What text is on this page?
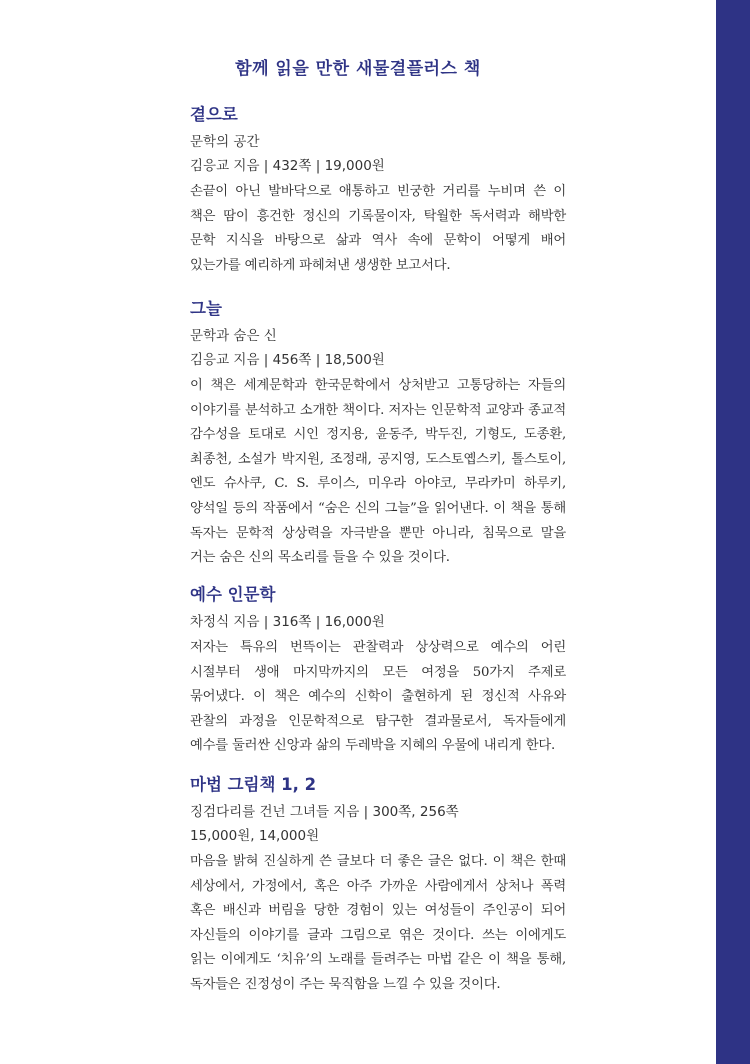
함께 읽을 만한 새물결플러스 책
곁으로

문학의 공간

김응교 지음 | 432쪽 | 19,000원

손끝이 아닌 발바닥으로 애통하고 빈궁한 거리를 누비며 쓴 이 책은 땀이 흥건한 정신의 기록물이자, 탁월한 독서력과 해박한 문학 지식을 바탕으로 삶과 역사 속에 문학이 어떻게 배어 있는가를 예리하게 파헤쳐낸 생생한 보고서다.

그늘

문학과 숨은 신

김응교 지음 | 456쪽 | 18,500원

이 책은 세계문학과 한국문학에서 상처받고 고통당하는 자들의 이야기를 분석하고 소개한 책이다. 저자는 인문학적 교양과 종교적 감수성을 토대로 시인 정지용, 윤동주, 박두진, 기형도, 도종환, 최종천, 소설가 박지원, 조정래, 공지영, 도스토옙스키, 톨스토이, 엔도 슈사쿠, C. S. 루이스, 미우라 아야코, 무라카미 하루키, 양석일 등의 작품에서 “숨은 신의 그늘”을 읽어낸다. 이 책을 통해 독자는 문학적 상상력을 자극받을 뿐만 아니라, 침묵으로 말을 거는 숨은 신의 목소리를 들을 수 있을 것이다.

예수 인문학

차정식 지음 | 316쪽 | 16,000원

저자는 특유의 번뜩이는 관찰력과 상상력으로 예수의 어린 시절부터 생애 마지막까지의 모든 여정을 50가지 주제로 묶어냈다. 이 책은 예수의 신학이 출현하게 된 정신적 사유와 관찰의 과정을 인문학적으로 탐구한 결과물로서, 독자들에게 예수를 둘러싼 신앙과 삶의 두레박을 지혜의 우물에 내리게 한다.

마법 그림책 1, 2

징검다리를 건넌 그녀들 지음 | 300쪽, 256쪽

15,000원, 14,000원

마음을 밝혀 진실하게 쓴 글보다 더 좋은 글은 없다. 이 책은 한때 세상에서, 가정에서, 혹은 아주 가까운 사람에게서 상처나 폭력 혹은 배신과 버림을 당한 경험이 있는 여성들이 주인공이 되어 자신들의 이야기를 글과 그림으로 엮은 것이다. 쓰는 이에게도 읽는 이에게도 ‘치유’의 노래를 들려주는 마법 같은 이 책을 통해, 독자들은 진정성이 주는 묵직함을 느낄 수 있을 것이다.
